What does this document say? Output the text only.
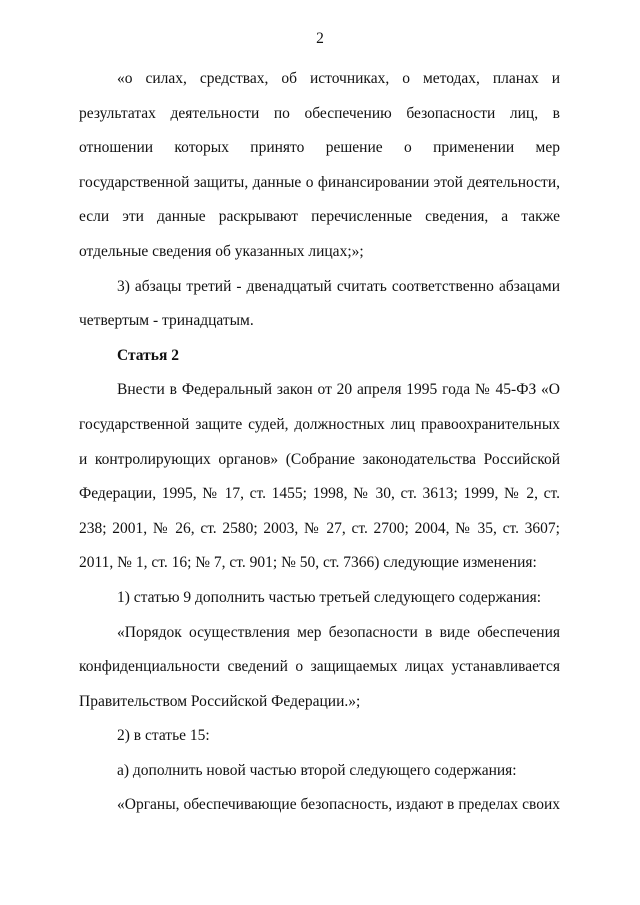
2

«о силах, средствах, об источниках, о методах, планах и результатах деятельности по обеспечению безопасности лиц, в отношении которых принято решение о применении мер государственной защиты, данные о финансировании этой деятельности, если эти данные раскрывают перечисленные сведения, а также отдельные сведения об указанных лицах;»;

3) абзацы третий - двенадцатый считать соответственно абзацами четвертым - тринадцатым.

Статья 2

Внести в Федеральный закон от 20 апреля 1995 года № 45-ФЗ «О государственной защите судей, должностных лиц правоохранительных и контролирующих органов» (Собрание законодательства Российской Федерации, 1995, № 17, ст. 1455; 1998, № 30, ст. 3613; 1999, № 2, ст. 238; 2001, № 26, ст. 2580; 2003, № 27, ст. 2700; 2004, № 35, ст. 3607; 2011, № 1, ст. 16; № 7, ст. 901; № 50, ст. 7366) следующие изменения:

1) статью 9 дополнить частью третьей следующего содержания:

«Порядок осуществления мер безопасности в виде обеспечения конфиденциальности сведений о защищаемых лицах устанавливается Правительством Российской Федерации.»;

2) в статье 15:

а) дополнить новой частью второй следующего содержания:

«Органы, обеспечивающие безопасность, издают в пределах своих
